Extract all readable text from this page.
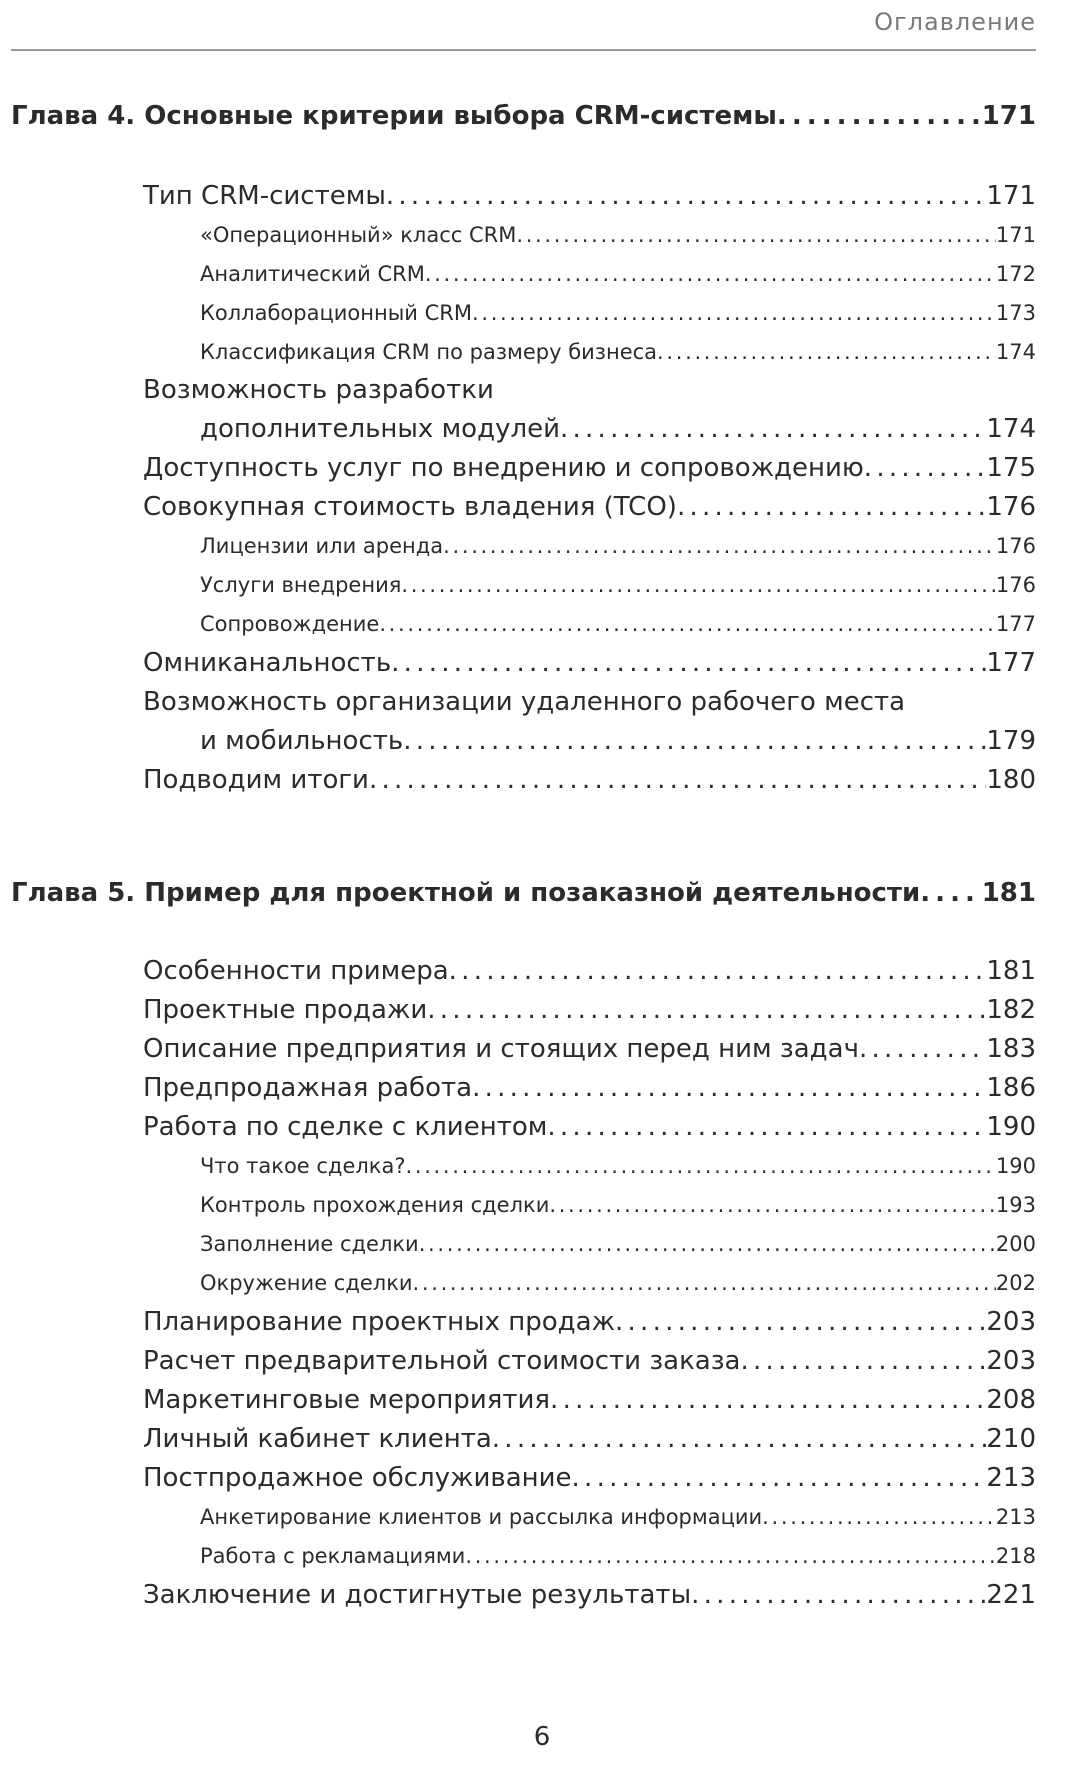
Оглавление
Глава 4. Основные критерии выбора CRM-системы . . .	171
Тип CRM-системы . . .	171
«Операционный» класс CRM . . .	171
Аналитический CRM . . .	172
Коллаборационный CRM . . .	173
Классификация CRM по размеру бизнеса . . .	174
Возможность разработки
дополнительных модулей . . .	174
Доступность услуг по внедрению и сопровождению . . .	175
Совокупная стоимость владения (TCO) . . .	176
Лицензии или аренда . . .	176
Услуги внедрения . . .	176
Сопровождение . . .	177
Омниканальность . . .	177
Возможность организации удаленного рабочего места
и мобильность . . .	179
Подводим итоги . . .	180
Глава 5. Пример для проектной и позаказной деятельности . . . 181
Особенности примера . . .	181
Проектные продажи . . .	182
Описание предприятия и стоящих перед ним задач . . .	183
Предпродажная работа . . .	186
Работа по сделке с клиентом . . .	190
Что такое сделка? . . .	190
Контроль прохождения сделки . . .	193
Заполнение сделки . . .	200
Окружение сделки . . .	202
Планирование проектных продаж . . .	203
Расчет предварительной стоимости заказа . . .	203
Маркетинговые мероприятия . . .	208
Личный кабинет клиента . . .	210
Постпродажное обслуживание . . .	213
Анкетирование клиентов и рассылка информации . . .	213
Работа с рекламациями . . .	218
Заключение и достигнутые результаты . . .	221
6
